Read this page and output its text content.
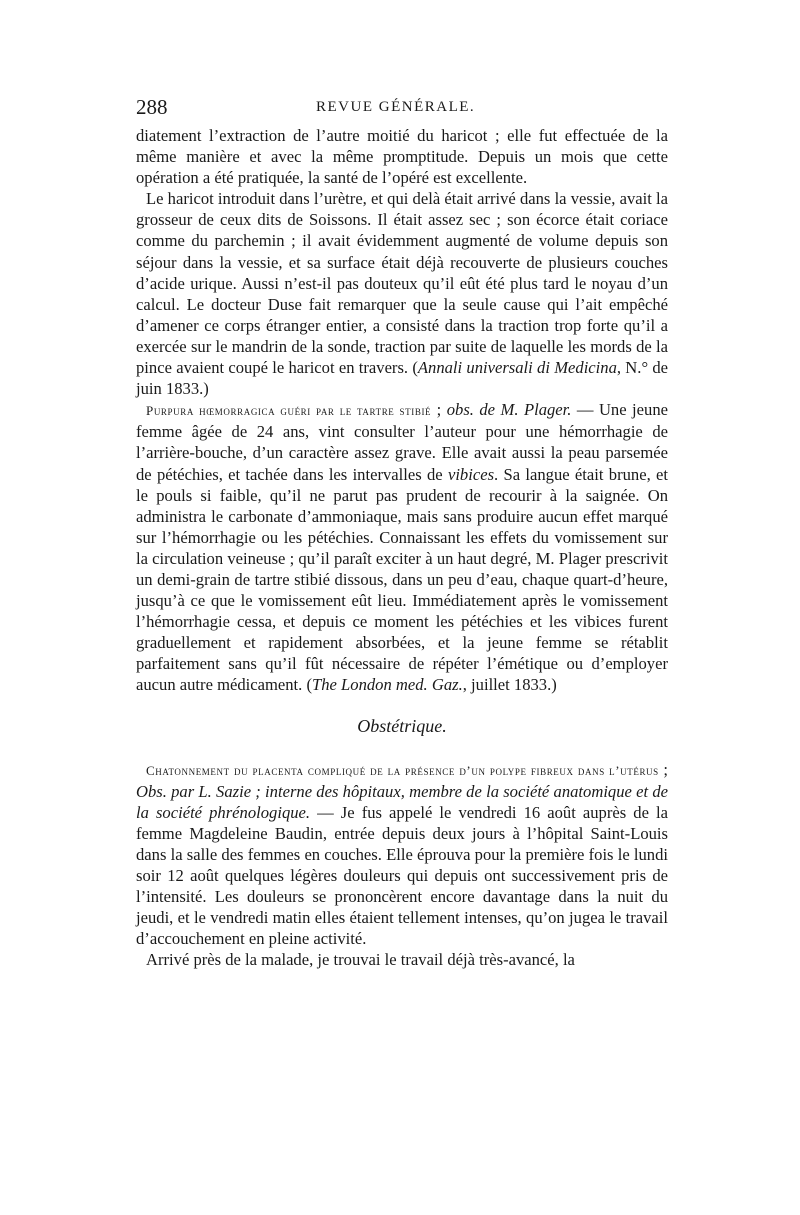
288	REVUE GÉNÉRALE.

diatement l’extraction de l’autre moitié du haricot ; elle fut effectuée de la même manière et avec la même promptitude. Depuis un mois que cette opération a été pratiquée, la santé de l’opéré est excellente.

Le haricot introduit dans l’urètre, et qui delà était arrivé dans la vessie, avait la grosseur de ceux dits de Soissons. Il était assez sec ; son écorce était coriace comme du parchemin ; il avait évidemment augmenté de volume depuis son séjour dans la vessie, et sa surface était déjà recouverte de plusieurs couches d’acide urique. Aussi n’est-il pas douteux qu’il eût été plus tard le noyau d’un calcul. Le docteur Duse fait remarquer que la seule cause qui l’ait empêché d’amener ce corps étranger entier, a consisté dans la traction trop forte qu’il a exercée sur le mandrin de la sonde, traction par suite de laquelle les mords de la pince avaient coupé le haricot en travers. (Annali universali di Medicina, N.° de juin 1833.)

Purpura hœmorragica guéri par le tartre stibié ; obs. de M. Plager. — Une jeune femme âgée de 24 ans, vint consulter l’auteur pour une hémorrhagie de l’arrière-bouche, d’un caractère assez grave. Elle avait aussi la peau parsemée de pétéchies, et tachée dans les intervalles de vibices. Sa langue était brune, et le pouls si faible, qu’il ne parut pas prudent de recourir à la saignée. On administra le carbonate d’ammoniaque, mais sans produire aucun effet marqué sur l’hémorrhagie ou les pétéchies. Connaissant les effets du vomissement sur la circulation veineuse ; qu’il paraît exciter à un haut degré, M. Plager prescrivit un demi-grain de tartre stibié dissous, dans un peu d’eau, chaque quart-d’heure, jusqu’à ce que le vomissement eût lieu. Immédiatement après le vomissement l’hémorrhagie cessa, et depuis ce moment les pétéchies et les vibices furent graduellement et rapidement absorbées, et la jeune femme se rétablit parfaitement sans qu’il fût nécessaire de répéter l’émétique ou d’employer aucun autre médicament. (The London med. Gaz., juillet 1833.)

Obstétrique.

Chatonnement du placenta compliqué de la présence d’un polype fibreux dans l’utérus ; Obs. par L. Sazie ; interne des hôpitaux, membre de la société anatomique et de la société phrénologique. — Je fus appelé le vendredi 16 août auprès de la femme Magdeleine Baudin, entrée depuis deux jours à l’hôpital Saint-Louis dans la salle des femmes en couches. Elle éprouva pour la première fois le lundi soir 12 août quelques légères douleurs qui depuis ont successivement pris de l’intensité. Les douleurs se prononcèrent encore davantage dans la nuit du jeudi, et le vendredi matin elles étaient tellement intenses, qu’on jugea le travail d’accouchement en pleine activité.

Arrivé près de la malade, je trouvai le travail déjà très-avancé, la
